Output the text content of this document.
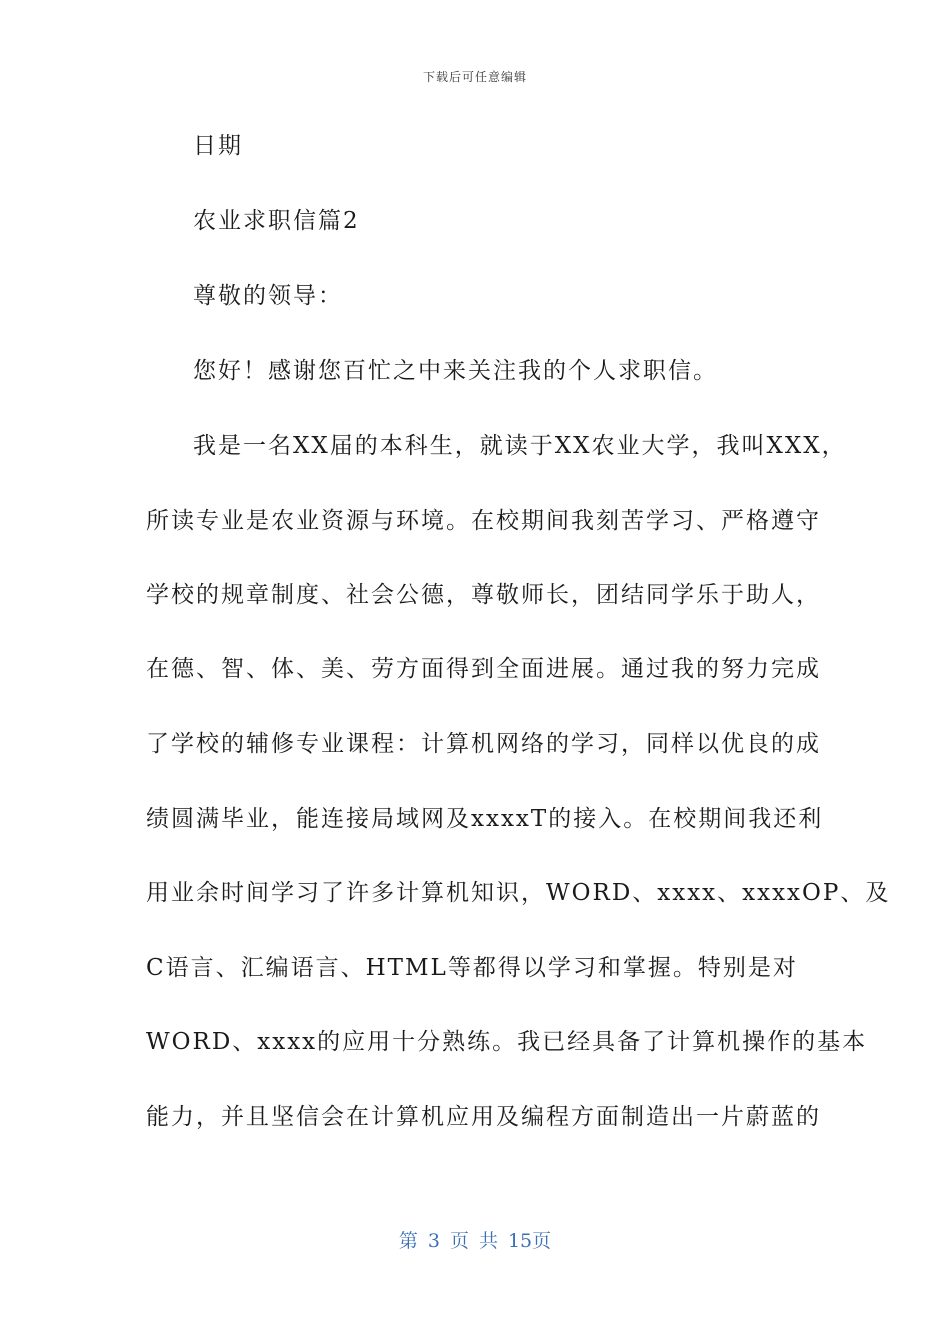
下载后可任意编辑
日期
农业求职信篇2
尊敬的领导：
您好！感谢您百忙之中来关注我的个人求职信。
我是一名XX届的本科生，就读于XX农业大学，我叫XXX，
所读专业是农业资源与环境。在校期间我刻苦学习、严格遵守
学校的规章制度、社会公德，尊敬师长，团结同学乐于助人，
在德、智、体、美、劳方面得到全面进展。通过我的努力完成
了学校的辅修专业课程：计算机网络的学习，同样以优良的成
绩圆满毕业，能连接局域网及xxxxT的接入。在校期间我还利
用业余时间学习了许多计算机知识，WORD、xxxx、xxxxOP、及
C语言、汇编语言、HTML等都得以学习和掌握。特别是对
WORD、xxxx的应用十分熟练。我已经具备了计算机操作的基本
能力，并且坚信会在计算机应用及编程方面制造出一片蔚蓝的
第 3 页 共 15页
